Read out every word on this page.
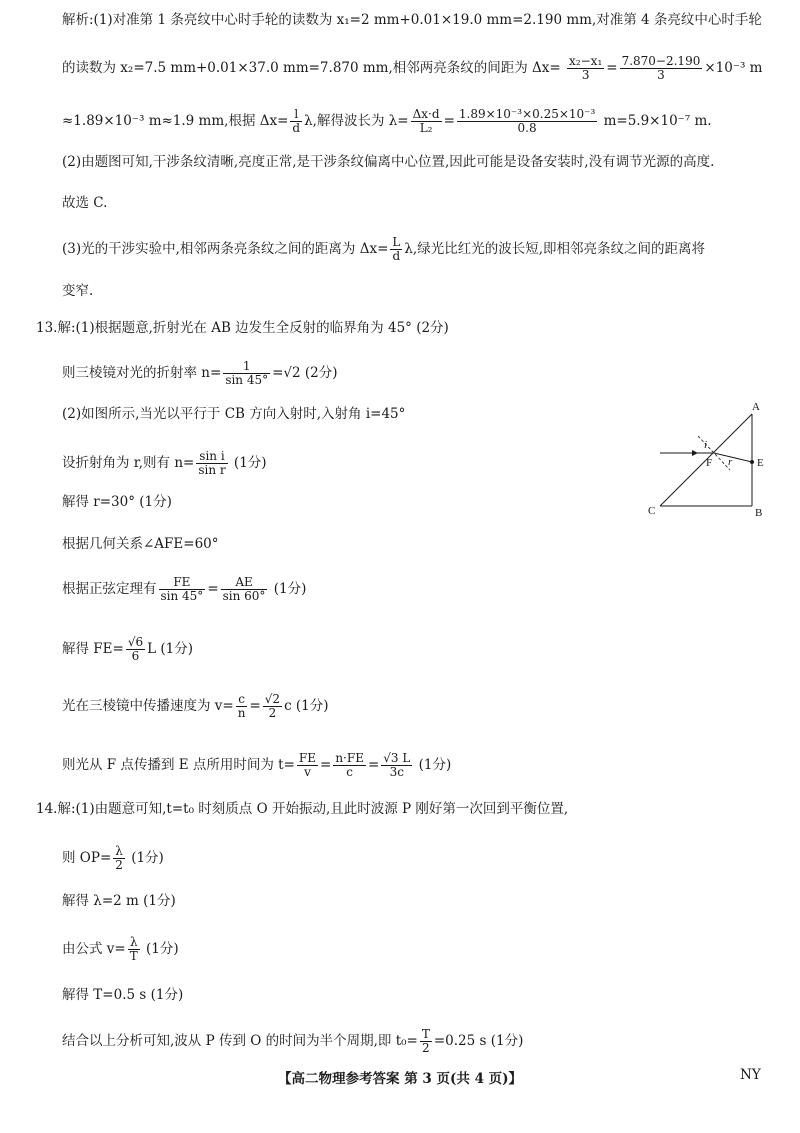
解析:(1)对准第 1 条亮纹中心时手轮的读数为 x₁=2 mm+0.01×19.0 mm=2.190 mm,对准第 4 条亮纹中心时手轮
的读数为 x₂=7.5 mm+0.01×37.0 mm=7.870 mm,相邻两亮条纹的间距为 $\Delta x= \frac{\text{x₂−x₁}}{3} = \frac{7.870-2.190}{3} \times 10^{-3}$ m
≈1.89×10⁻³ m≈1.9 mm,根据 $\Delta x= \frac{l}{d} \lambda$,解得波长为 $\lambda= \frac{\Delta x\cdot d}{\text{L₂}} = \frac{\text{1.89×10⁻³×0.25×10⁻³}}{0.8} m=5.9\times 10^{-7}$ m.
(2)由题图可知,干涉条纹清晰,亮度正常,是干涉条纹偏离中心位置,因此可能是设备安装时,没有调节光源的高度.
故选 C.
(3)光的干涉实验中,相邻两条亮条纹之间的距离为 $\Delta x= \frac{L}{d} \lambda$,绿光比红光的波长短,即相邻亮条纹之间的距离将
变窄.
13.解:(1)根据题意,折射光在 AB 边发生全反射的临界角为 45° (2分)
则三棱镜对光的折射率 $n= \frac{1}{\sin 45^\circ} =√2$ (2分)
(2)如图所示,当光以平行于 CB 方向入射时,入射角 i=45°
设折射角为 r,则有 $n= \frac{\text{sin i}}{\text{sin r}} (1$分)
解得 r=30° (1分)
根据几何关系∠AFE=60°
根据正弦定理有 $\frac{FE}{\sin 45^\circ} = \frac{AE}{\sin 60^\circ} (1$分)
解得 $FE= \frac{√6}{6}$ L (1分)
光在三棱镜中传播速度为 $v= \frac{c}{n} = \frac{√2}{2}$ c (1分)
则光从 F 点传播到 E 点所用时间为 $t= \frac{FE}{v} = \frac{n\cdot FE}{c} = \frac{√3 L}{3c} (1$分)
14.解:(1)由题意可知,t=t₀ 时刻质点 O 开始振动,且此时波源 P 刚好第一次回到平衡位置,
则 $OP= \frac{\lambda}{2} (1$分)
解得 λ=2 m (1分)
由公式 $v= \frac{\lambda}{T} (1$分)
解得 T=0.5 s (1分)
结合以上分析可知,波从 P 传到 O 的时间为半个周期,即 $t_0= \frac{T}{2} =0.25$ s (1分)
A
B
C
E
F
i
r
【高二物理参考答案 第 3 页(共 4 页)】	NY
